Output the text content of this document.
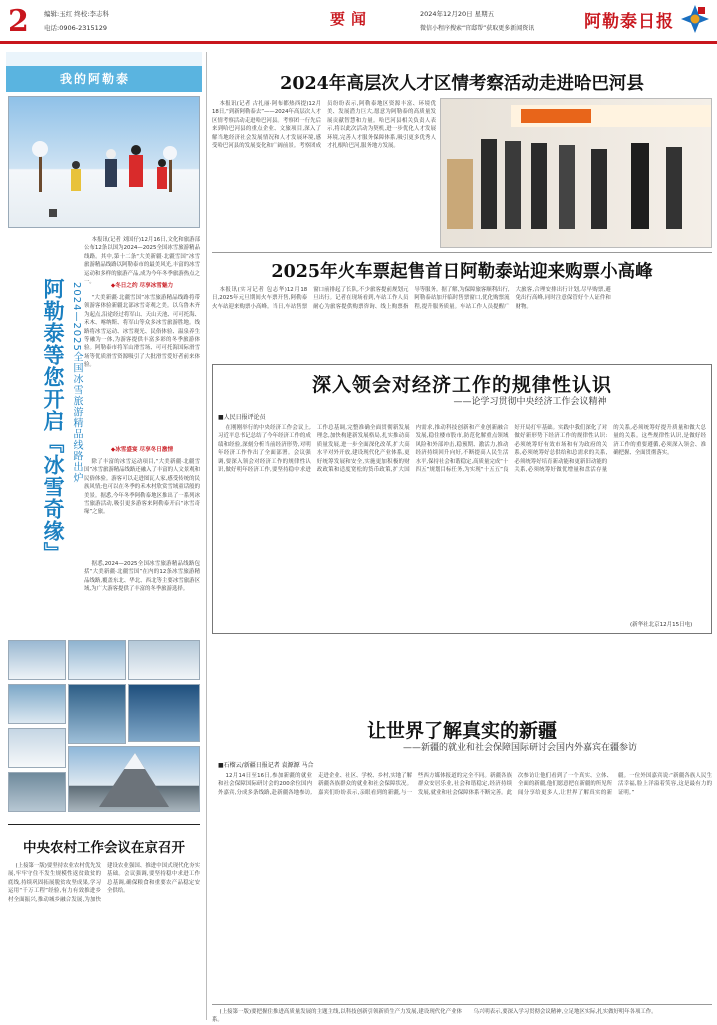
2 编辑:玉红 终校:李志科
电话:0906-2315129	要闻	2024年12月20日 星期五
微信小程序搜索“官邸帮”获取更多新闻资讯	阿勒泰日报
我的阿勒泰

本报讯(记者 刘国仔)12月16日,文化和旅游部公布12条以国为2024—2025全国冰雪旅游精品线路。其中,第十二条“大美新疆·北疆雪国”冰雪旅游精品线路以阿勒泰市的最美风光,丰富的冰雪运动和多样的旅游产品,成为今年冬季旅游热点之一。

阿勒泰等您开启『冰雪奇缘』 2024—2025全国冰雪旅游精品线路出炉	◆冬日之约 尽享冰雪魅力

“大美新疆·北疆雪国”冰雪旅游精品线路将带领游客体验新疆北部冰雪奇观之美。以乌鲁木齐为起点,沿途经过将军山、天山天池、可可托海、禾木、喀纳斯、将军山等众多冰雪旅游胜地。线路将冰雪运动、冰雪观光、民俗体验、温泉养生等融为一体,为游客提供丰富多彩的冬季旅游体验。阿勒泰市将军山滑雪场、可可托海国际滑雪场等优质滑雪资源吸引了大批滑雪爱好者前来体验。

◆冰雪盛宴 尽享冬日激情

除了丰富的冰雪运动项目,“大美新疆·北疆雪国”冰雪旅游精品线路还融入了丰富的人文景观和民俗体验。游客可以走进图瓦人家,感受传统的民族风情;也可以在冬季的禾木村欣赏雪域童话般的美景。据悉,今年冬季阿勒泰地区推出了一系列冰雪旅游活动,吸引更多游客来阿勒泰开启“冰雪奇缘”之旅。

据悉,2024—2025全国冰雪旅游精品线路包括“大美新疆·北疆雪国”在内的12条冰雪旅游精品线路,覆盖东北、华北、西北等主要冰雪旅游区域,为广大游客提供了丰富的冬季旅游选择。

中央农村工作会议在京召开

(上接第一版)要坚持农业农村优先发展,牢牢守住不发生规模性返贫致贫的底线,持续巩固拓展脱贫攻坚成果,学习运用“千万工程”经验,有力有效推进乡村全面振兴,推动城乡融合发展,为加快建设农业强国、推进中国式现代化夯实基础。会议强调,要坚持稳中求进工作总基调,确保粮食和重要农产品稳定安全供给。

2024年高层次人才区情考察活动走进哈巴河县

本报讯(记者 古扎丽·阿布都热西提)12月18日,“到新阿勒泰去”——2024年高层次人才区情考察活动走进哈巴河县。考察团一行先后来到哈巴河县的重点企业、文旅项目,深入了解当地经济社会发展情况和人才发展环境,感受哈巴河县的发展变化和广阔前景。考察团成员纷纷表示,阿勒泰地区资源丰富、环境优美、发展潜力巨大,愿意为阿勒泰的高质量发展贡献智慧和力量。哈巴河县相关负责人表示,将以此次活动为契机,进一步优化人才发展环境,完善人才服务保障体系,吸引更多优秀人才扎根哈巴河,服务地方发展。

2025年火车票起售首日阿勒泰站迎来购票小高峰

本报讯(实习记者 包志华)12月18日,2025年元旦期间火车票开售,阿勒泰火车站迎来购票小高峰。当日,车站售票窗口前排起了长队,不少旅客提前规划元旦出行。记者在现场看到,车站工作人员耐心为旅客提供购票咨询、线上购票指导等服务。据了解,为保障旅客顺利出行,阿勒泰站加开临时售票窗口,优化购票流程,提升服务质量。车站工作人员提醒广大旅客,合理安排出行计划,尽早购票,避免出行高峰,同时注意保管好个人证件和财物。

深入领会对经济工作的规律性认识
——论学习贯彻中央经济工作会议精神
■人民日报评论员

在刚刚举行的中央经济工作会议上,习近平总书记总结了今年经济工作的成绩和经验,深刻分析当前经济形势,对明年经济工作作出了全面部署。会议强调,要深入领会对经济工作的规律性认识,做好明年经济工作,要坚持稳中求进工作总基调,完整准确全面贯彻新发展理念,加快构建新发展格局,扎实推动高质量发展,进一步全面深化改革,扩大高水平对外开放,建设现代化产业体系,更好统筹发展和安全,实施更加积极的财政政策和适度宽松的货币政策,扩大国内需求,推动科技创新和产业创新融合发展,稳住楼市股市,防范化解重点领域风险和外部冲击,稳预期、激活力,推动经济持续回升向好,不断提高人民生活水平,保持社会和谐稳定,高质量完成“十四五”规划目标任务,为实现“十五五”良好开局打牢基础。实践中我们深化了对做好新形势下经济工作的规律性认识:必须统筹好有效市场和有为政府的关系,必须统筹好总供给和总需求的关系,必须统筹好培育新动能和更新旧动能的关系,必须统筹好做优增量和盘活存量的关系,必须统筹好提升质量和做大总量的关系。这些规律性认识,是做好经济工作的重要遵循,必须深入领会、准确把握、全面贯彻落实。

(新华社北京12月15日电)
让世界了解真实的新疆
——新疆的就业和社会保障国际研讨会国内外嘉宾在疆参访
■石榴云/新疆日报记者 袁源源 马合

12月14日至16日,参加新疆的就业和社会保障国际研讨会的200余位国内外嘉宾,分成多条线路,赴新疆各地参访,走进企业、社区、学校、乡村,实地了解新疆各族群众的就业和社会保障状况。嘉宾们纷纷表示,亲眼看到的新疆,与一些西方媒体报道的完全不同。新疆各族群众安居乐业,社会和谐稳定,经济持续发展,就业和社会保障体系不断完善。此次参访让他们看到了一个真实、立体、全面的新疆,他们愿意把在新疆的所见所闻分享给更多人,让世界了解真实的新疆。一位外国嘉宾说:“新疆各族人民生活幸福,脸上洋溢着笑容,这是最有力的证明。”

(上接第一版)要把握住推进高质量发展的主题主线,以科技创新引领新质生产力发展,建设现代化产业体系。

乌兴明表示,要深入学习贯彻会议精神,立足地区实际,扎实做好明年各项工作。
